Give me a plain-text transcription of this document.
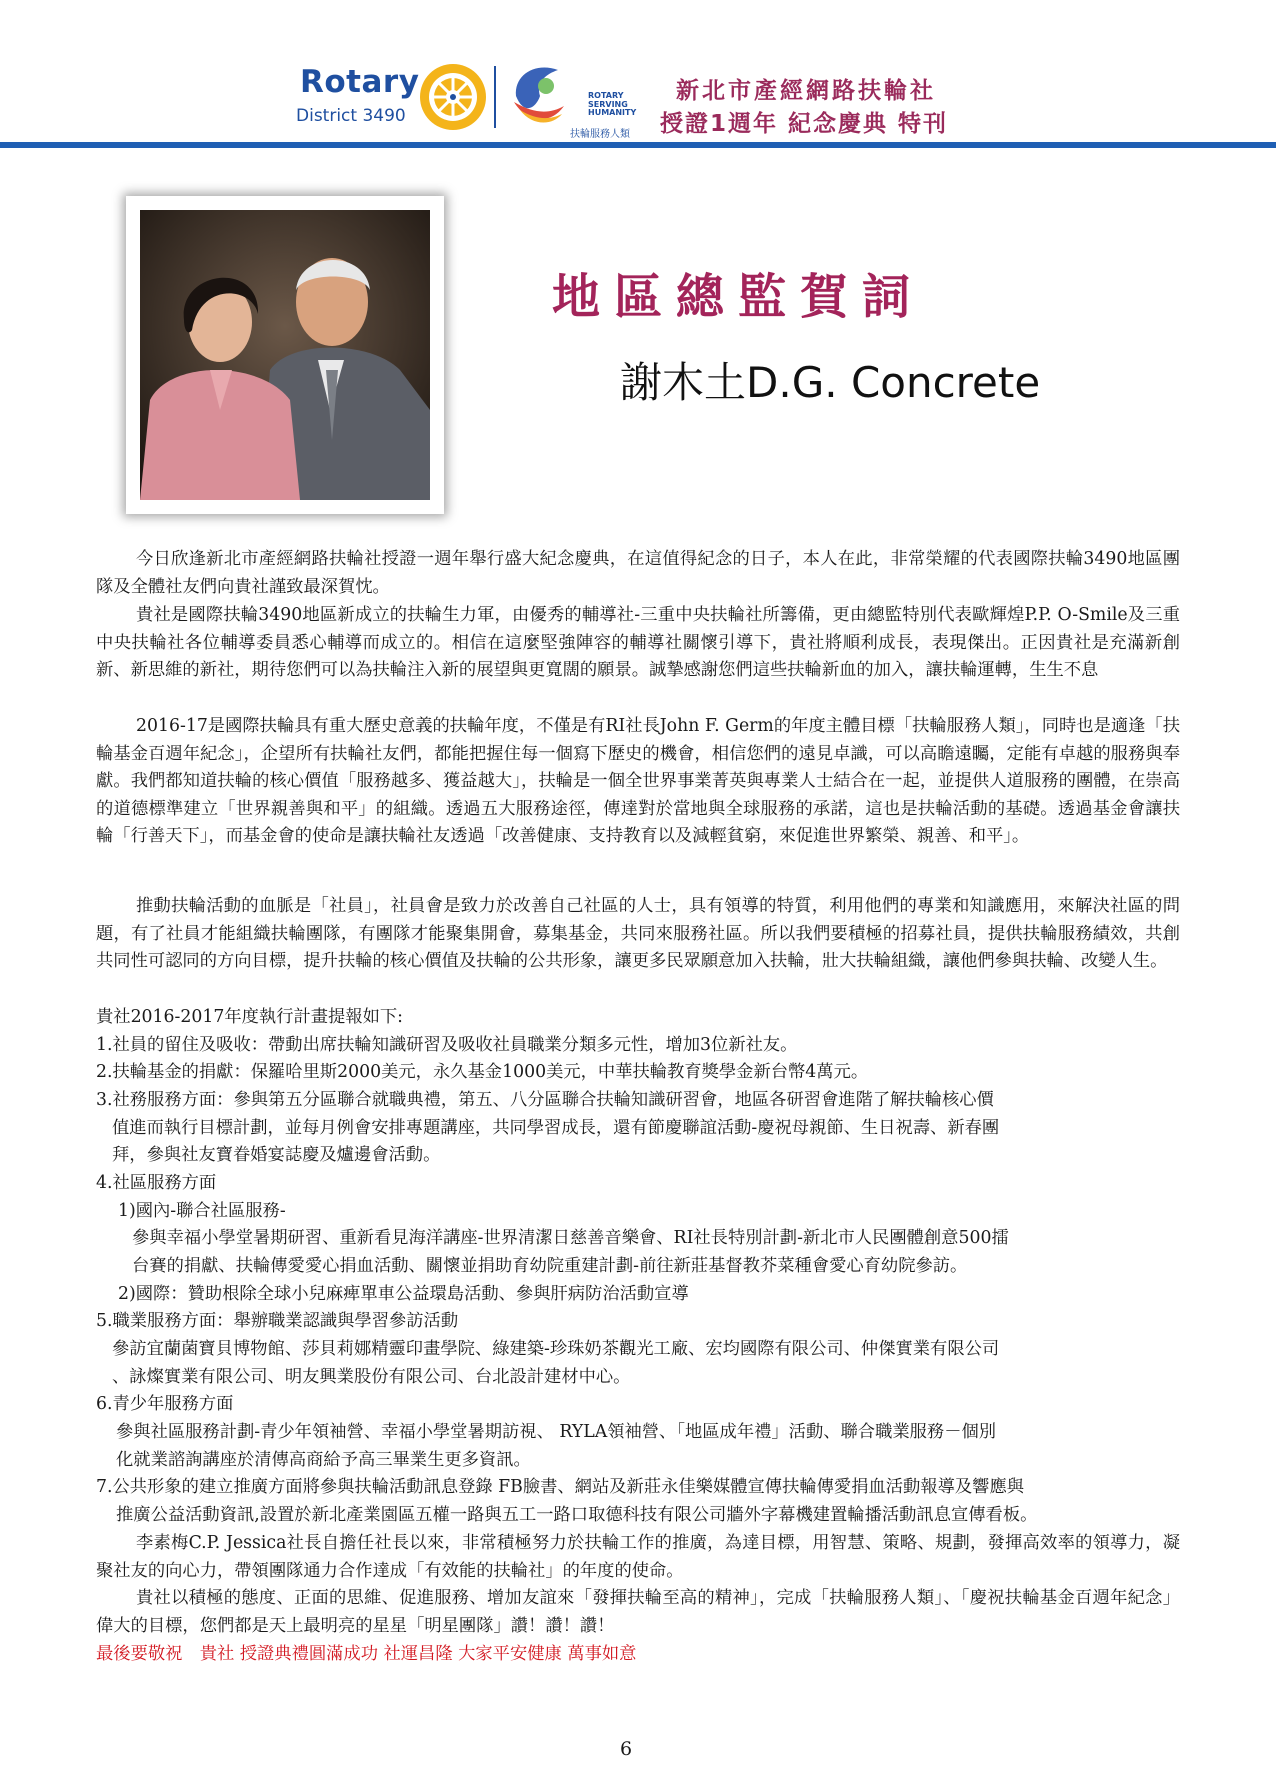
Rotary
District 3490
ROTARY SERVING HUMANITY
扶輪服務人類
新北市產經網路扶輪社
授證1週年 紀念慶典 特刊
地區總監賀詞
謝木土D.G. Concrete
今日欣逢新北市產經網路扶輪社授證一週年舉行盛大紀念慶典，在這值得紀念的日子，本人在此，非常榮耀的代表國際扶輪3490地區團隊及全體社友們向貴社謹致最深賀忱。
貴社是國際扶輪3490地區新成立的扶輪生力軍，由優秀的輔導社-三重中央扶輪社所籌備，更由總監特別代表歐輝煌P.P. O-Smile及三重中央扶輪社各位輔導委員悉心輔導而成立的。相信在這麼堅強陣容的輔導社關懷引導下，貴社將順利成長，表現傑出。正因貴社是充滿新創新、新思維的新社，期待您們可以為扶輪注入新的展望與更寬闊的願景。誠摯感謝您們這些扶輪新血的加入，讓扶輪運轉，生生不息
2016-17是國際扶輪具有重大歷史意義的扶輪年度，不僅是有RI社長John F. Germ的年度主體目標「扶輪服務人類」，同時也是適逢「扶輪基金百週年紀念」，企望所有扶輪社友們，都能把握住每一個寫下歷史的機會，相信您們的遠見卓識，可以高瞻遠矚，定能有卓越的服務與奉獻。我們都知道扶輪的核心價值「服務越多、獲益越大」，扶輪是一個全世界事業菁英與專業人士結合在一起，並提供人道服務的團體，在崇高的道德標準建立「世界親善與和平」的組織。透過五大服務途徑，傳達對於當地與全球服務的承諾，這也是扶輪活動的基礎。透過基金會讓扶輪「行善天下」，而基金會的使命是讓扶輪社友透過「改善健康、支持教育以及減輕貧窮，來促進世界繁榮、親善、和平」。
推動扶輪活動的血脈是「社員」，社員會是致力於改善自己社區的人士，具有領導的特質，利用他們的專業和知識應用，來解決社區的問題，有了社員才能組織扶輪團隊，有團隊才能聚集開會，募集基金，共同來服務社區。所以我們要積極的招募社員，提供扶輪服務績效，共創共同性可認同的方向目標，提升扶輪的核心價值及扶輪的公共形象，讓更多民眾願意加入扶輪，壯大扶輪組織，讓他們參與扶輪、改變人生。
貴社2016-2017年度執行計畫提報如下:
1.社員的留住及吸收：帶動出席扶輪知識研習及吸收社員職業分類多元性，增加3位新社友。
2.扶輪基金的捐獻：保羅哈里斯2000美元，永久基金1000美元，中華扶輪教育獎學金新台幣4萬元。
3.社務服務方面：參與第五分區聯合就職典禮，第五、八分區聯合扶輪知識研習會，地區各研習會進階了解扶輪核心價
值進而執行目標計劃，並每月例會安排專題講座，共同學習成長，還有節慶聯誼活動-慶祝母親節、生日祝壽、新春團
拜，參與社友寶眷婚宴誌慶及爐邊會活動。
4.社區服務方面
1)國內-聯合社區服務-
參與幸福小學堂暑期研習、重新看見海洋講座-世界清潔日慈善音樂會、RI社長特別計劃-新北市人民團體創意500擂
台賽的捐獻、扶輪傳愛愛心捐血活動、關懷並捐助育幼院重建計劃-前往新莊基督教芥菜種會愛心育幼院參訪。
2)國際：贊助根除全球小兒麻痺單車公益環島活動、參與肝病防治活動宣導
5.職業服務方面：舉辦職業認識與學習參訪活動
參訪宜蘭菌寶貝博物館、莎貝莉娜精靈印畫學院、綠建築-珍珠奶茶觀光工廠、宏均國際有限公司、仲傑實業有限公司
、詠燦實業有限公司、明友興業股份有限公司、台北設計建材中心。
6.青少年服務方面
參與社區服務計劃-青少年領袖營、幸福小學堂暑期訪視、 RYLA領袖營、「地區成年禮」活動、聯合職業服務－個別
化就業諮詢講座於清傳高商給予高三畢業生更多資訊。
7.公共形象的建立推廣方面將參與扶輪活動訊息登錄 FB臉書、網站及新莊永佳樂媒體宣傳扶輪傳愛捐血活動報導及響應與
推廣公益活動資訊,設置於新北產業園區五權一路與五工一路口取德科技有限公司牆外字幕機建置輪播活動訊息宣傳看板。
李素梅C.P. Jessica社長自擔任社長以來，非常積極努力於扶輪工作的推廣，為達目標，用智慧、策略、規劃，發揮高效率的領導力，凝聚社友的向心力，帶領團隊通力合作達成「有效能的扶輪社」的年度的使命。
貴社以積極的態度、正面的思維、促進服務、增加友誼來「發揮扶輪至高的精神」，完成「扶輪服務人類」、「慶祝扶輪基金百週年紀念」偉大的目標，您們都是天上最明亮的星星「明星團隊」讚！讚！讚！
最後要敬祝　貴社 授證典禮圓滿成功 社運昌隆 大家平安健康 萬事如意
6
